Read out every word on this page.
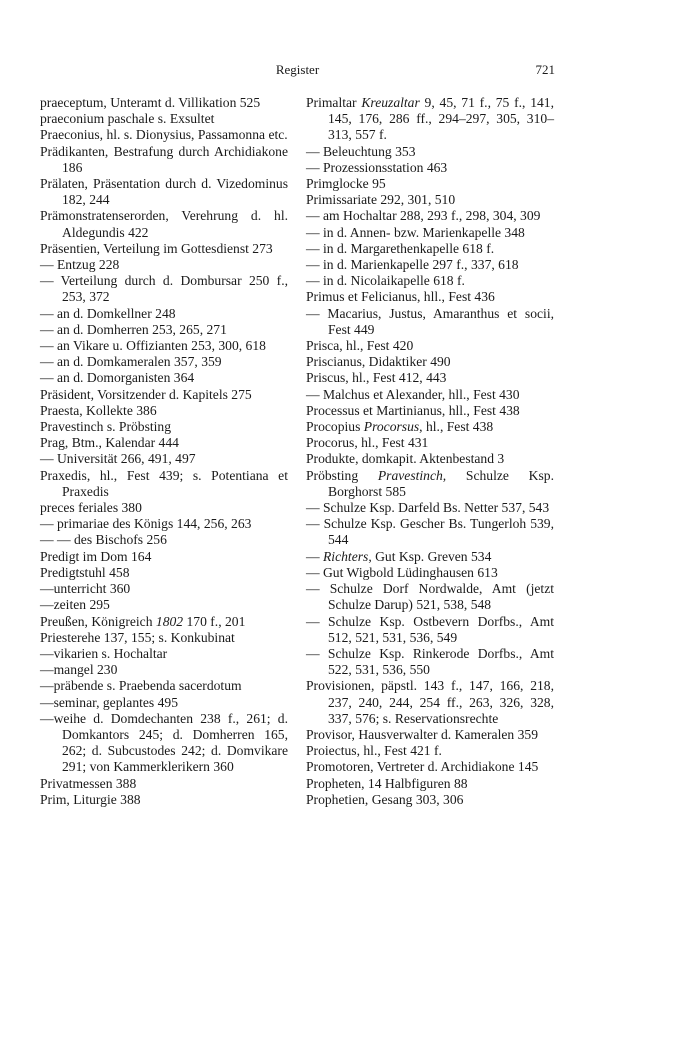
Register	721

praeceptum, Unteramt d. Villikation 525

praeconium paschale s. Exsultet

Praeconius, hl. s. Dionysius, Passamonna etc.

Prädikanten, Bestrafung durch Archidiakone 186

Prälaten, Präsentation durch d. Vizedominus 182, 244

Prämonstratenserorden, Verehrung d. hl. Aldegundis 422

Präsentien, Verteilung im Gottesdienst 273

— Entzug 228

— Verteilung durch d. Dombursar 250 f., 253, 372

— an d. Domkellner 248

— an d. Domherren 253, 265, 271

— an Vikare u. Offizianten 253, 300, 618

— an d. Domkameralen 357, 359

— an d. Domorganisten 364

Präsident, Vorsitzender d. Kapitels 275

Praesta, Kollekte 386

Pravestinch s. Pröbsting

Prag, Btm., Kalendar 444

— Universität 266, 491, 497

Praxedis, hl., Fest 439; s. Potentiana et Praxedis

preces feriales 380

— primariae des Königs 144, 256, 263

— — des Bischofs 256

Predigt im Dom 164

Predigtstuhl 458

—unterricht 360

—zeiten 295

Preußen, Königreich 1802 170 f., 201

Priesterehe 137, 155; s. Konkubinat

—vikarien s. Hochaltar

—mangel 230

—präbende s. Praebenda sacerdotum

—seminar, geplantes 495

—weihe d. Domdechanten 238 f., 261; d. Domkantors 245; d. Domherren 165, 262; d. Subcustodes 242; d. Domvikare 291; von Kammerklerikern 360

Privatmessen 388

Prim, Liturgie 388

Primaltar Kreuzaltar 9, 45, 71 f., 75 f., 141, 145, 176, 286 ff., 294–297, 305, 310–313, 557 f.

— Beleuchtung 353

— Prozessionsstation 463

Primglocke 95

Primissariate 292, 301, 510

— am Hochaltar 288, 293 f., 298, 304, 309

— in d. Annen- bzw. Marienkapelle 348

— in d. Margarethenkapelle 618 f.

— in d. Marienkapelle 297 f., 337, 618

— in d. Nicolaikapelle 618 f.

Primus et Felicianus, hll., Fest 436

— Macarius, Justus, Amaranthus et socii, Fest 449

Prisca, hl., Fest 420

Priscianus, Didaktiker 490

Priscus, hl., Fest 412, 443

— Malchus et Alexander, hll., Fest 430

Processus et Martinianus, hll., Fest 438

Procopius Procorsus, hl., Fest 438

Procorus, hl., Fest 431

Produkte, domkapit. Aktenbestand 3

Pröbsting Pravestinch, Schulze Ksp. Borghorst 585

— Schulze Ksp. Darfeld Bs. Netter 537, 543

— Schulze Ksp. Gescher Bs. Tungerloh 539, 544

— Richters, Gut Ksp. Greven 534

— Gut Wigbold Lüdinghausen 613

— Schulze Dorf Nordwalde, Amt (jetzt Schulze Darup) 521, 538, 548

— Schulze Ksp. Ostbevern Dorfbs., Amt 512, 521, 531, 536, 549

— Schulze Ksp. Rinkerode Dorfbs., Amt 522, 531, 536, 550

Provisionen, päpstl. 143 f., 147, 166, 218, 237, 240, 244, 254 ff., 263, 326, 328, 337, 576; s. Reservationsrechte

Provisor, Hausverwalter d. Kameralen 359

Proiectus, hl., Fest 421 f.

Promotoren, Vertreter d. Archidiakone 145

Propheten, 14 Halbfiguren 88

Prophetien, Gesang 303, 306
